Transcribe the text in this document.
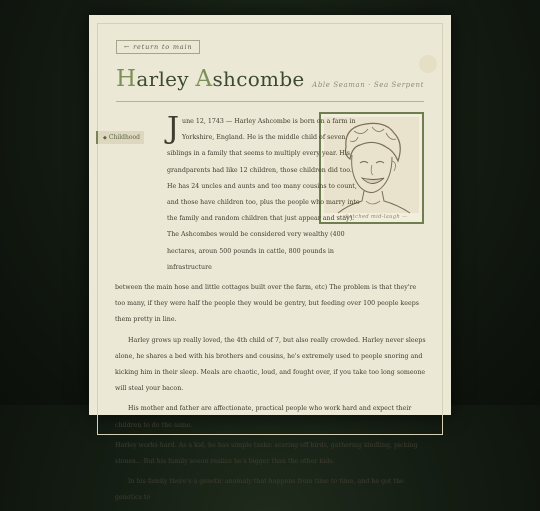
← return to main
Harley Ashcombe Able Seaman · Sea Serpent
◆ Childhood
— sketched mid-laugh —

June 12, 1743 — Harley Ashcombe is born on a farm in Yorkshire, England. He is the middle child of seven siblings in a family that seems to multiply every year. His grandparents had like 12 children, those children did too. He has 24 uncles and aunts and too many cousins to count, and those have children too, plus the people who marry into the family and random children that just appear and stay). The Ashcombes would be considered very wealthy (400 hectares, aroun 500 pounds in cattle, 800 pounds in infrastructure

between the main hose and little cottages built over the farm, etc) The problem is that they're too many, if they were half the people they would be gentry, but feeding over 100 people keeps them pretty in line.

Harley grows up really loved, the 4th child of 7, but also really crowded. Harley never sleeps alone, he shares a bed with his brothers and cousins, he's extremely used to people snoring and kicking him in their sleep. Meals are chaotic, loud, and fought over, if you take too long someone will steal your bacon.

His mother and father are affectionate, practical people who work hard and expect their children to do the same.

Harley works hard. As a kid, he has simple tasks: scaring off birds, gathering kindling, picking stones... But his family sooon realize he's bigger than the other kids.

In his family there's a genetic anomaly that happens from time to time, and he got the genetics to
